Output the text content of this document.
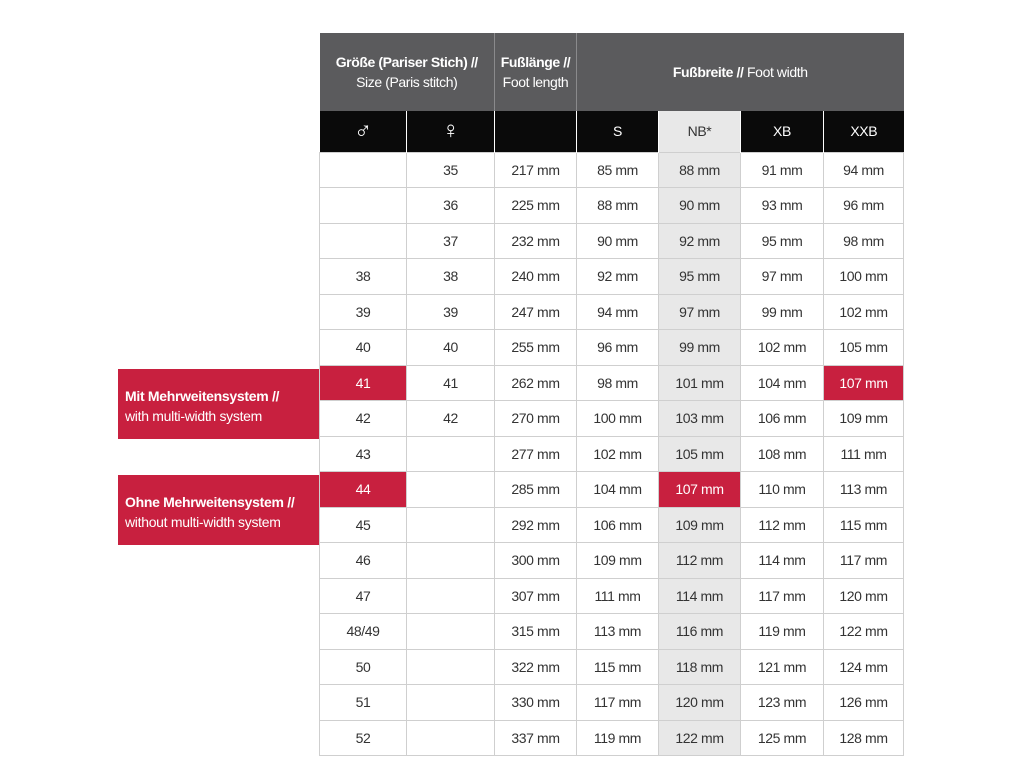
Größe (Pariser Stich) //
Size (Paris stitch)		Fußlänge //
Foot length	Fußbreite // Foot width			
♂	♀		S	NB*	XB	XXB
	35	217 mm	85 mm	88 mm	91 mm	94 mm
	36	225 mm	88 mm	90 mm	93 mm	96 mm
	37	232 mm	90 mm	92 mm	95 mm	98 mm
38	38	240 mm	92 mm	95 mm	97 mm	100 mm
39	39	247 mm	94 mm	97 mm	99 mm	102 mm
40	40	255 mm	96 mm	99 mm	102 mm	105 mm
41	41	262 mm	98 mm	101 mm	104 mm	107 mm
42	42	270 mm	100 mm	103 mm	106 mm	109 mm
43		277 mm	102 mm	105 mm	108 mm	111 mm
44		285 mm	104 mm	107 mm	110 mm	113 mm
45		292 mm	106 mm	109 mm	112 mm	115 mm
46		300 mm	109 mm	112 mm	114 mm	117 mm
47		307 mm	111 mm	114 mm	117 mm	120 mm
48/49		315 mm	113 mm	116 mm	119 mm	122 mm
50		322 mm	115 mm	118 mm	121 mm	124 mm
51		330 mm	117 mm	120 mm	123 mm	126 mm
52		337 mm	119 mm	122 mm	125 mm	128 mm
Mit Mehrweitensystem //
with multi-width system
Ohne Mehrweitensystem //
without multi-width system
